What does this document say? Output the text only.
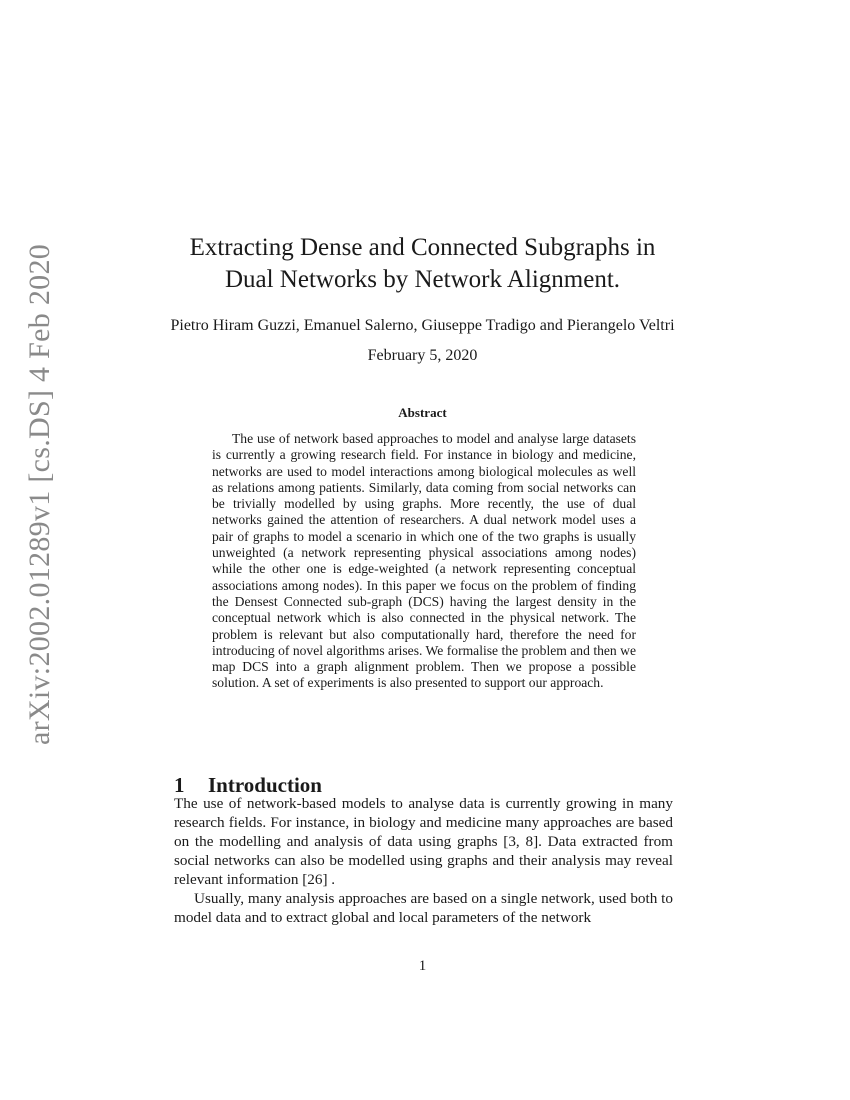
arXiv:2002.01289v1 [cs.DS] 4 Feb 2020	Extracting Dense and Connected Subgraphs in
Dual Networks by Network Alignment.
Pietro Hiram Guzzi, Emanuel Salerno, Giuseppe Tradigo and Pierangelo Veltri
February 5, 2020
Abstract
The use of network based approaches to model and analyse large datasets is currently a growing research field. For instance in biology and medicine, networks are used to model interactions among biological molecules as well as relations among patients. Similarly, data coming from social networks can be trivially modelled by using graphs. More recently, the use of dual networks gained the attention of researchers. A dual network model uses a pair of graphs to model a scenario in which one of the two graphs is usually unweighted (a network representing physical associations among nodes) while the other one is edge-weighted (a network representing conceptual associations among nodes). In this paper we focus on the problem of finding the Densest Connected sub-graph (DCS) having the largest density in the conceptual network which is also connected in the physical network. The problem is relevant but also computationally hard, therefore the need for introducing of novel algorithms arises. We formalise the problem and then we map DCS into a graph alignment problem. Then we propose a possible solution. A set of experiments is also presented to support our approach.
1 Introduction

The use of network-based models to analyse data is currently growing in many research fields. For instance, in biology and medicine many approaches are based on the modelling and analysis of data using graphs [3, 8]. Data extracted from social networks can also be modelled using graphs and their analysis may reveal relevant information [26] .

Usually, many analysis approaches are based on a single network, used both to model data and to extract global and local parameters of the network

1
